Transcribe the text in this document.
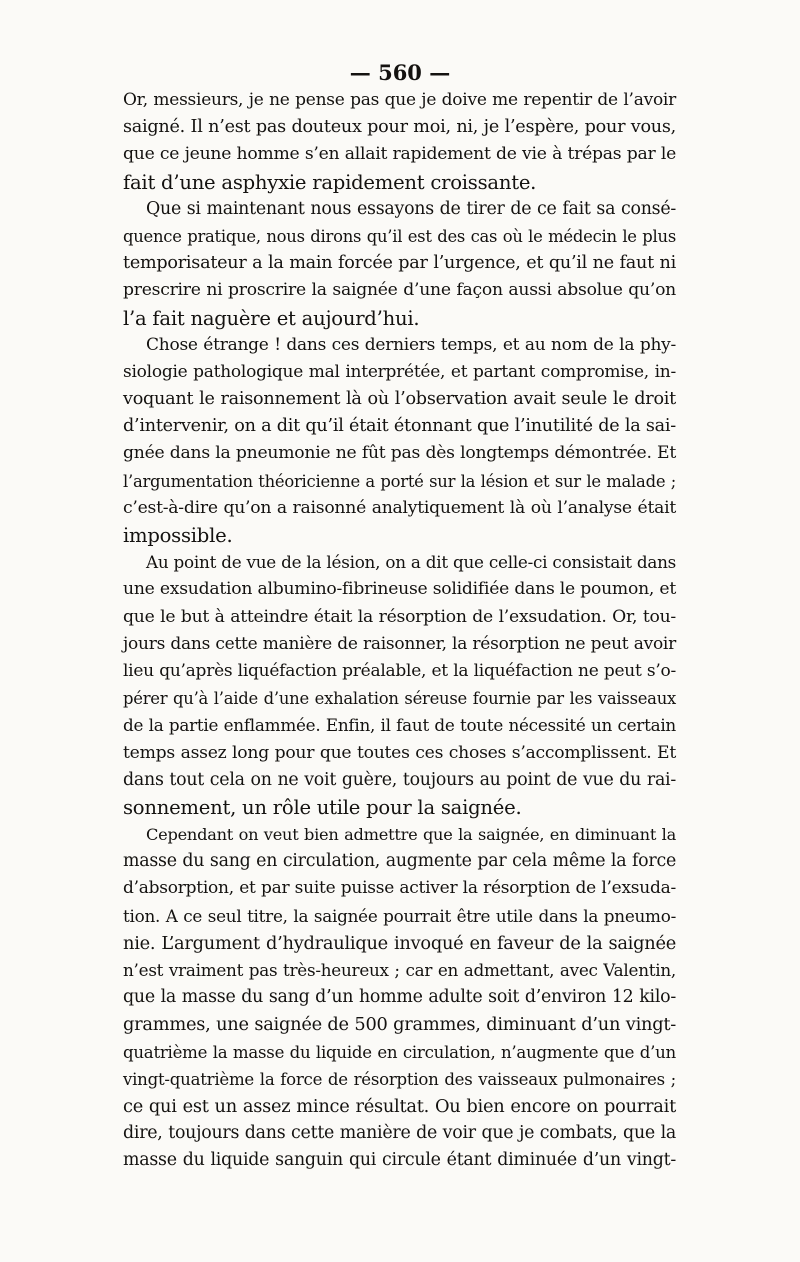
— 560 —
Or, messieurs, je ne pense pas que je doive me repentir de l’avoir
saigné. Il n’est pas douteux pour moi, ni, je l’espère, pour vous,
que ce jeune homme s’en allait rapidement de vie à trépas par le
fait d’une asphyxie rapidement croissante.
Que si maintenant nous essayons de tirer de ce fait sa consé-
quence pratique, nous dirons qu’il est des cas où le médecin le plus
temporisateur a la main forcée par l’urgence, et qu’il ne faut ni
prescrire ni proscrire la saignée d’une façon aussi absolue qu’on
l’a fait naguère et aujourd’hui.
Chose étrange ! dans ces derniers temps, et au nom de la phy-
siologie pathologique mal interprétée, et partant compromise, in-
voquant le raisonnement là où l’observation avait seule le droit
d’intervenir, on a dit qu’il était étonnant que l’inutilité de la sai-
gnée dans la pneumonie ne fût pas dès longtemps démontrée. Et
l’argumentation théoricienne a porté sur la lésion et sur le malade ;
c’est-à-dire qu’on a raisonné analytiquement là où l’analyse était
impossible.
Au point de vue de la lésion, on a dit que celle-ci consistait dans
une exsudation albumino-fibrineuse solidifiée dans le poumon, et
que le but à atteindre était la résorption de l’exsudation. Or, tou-
jours dans cette manière de raisonner, la résorption ne peut avoir
lieu qu’après liquéfaction préalable, et la liquéfaction ne peut s’o-
pérer qu’à l’aide d’une exhalation séreuse fournie par les vaisseaux
de la partie enflammée. Enfin, il faut de toute nécessité un certain
temps assez long pour que toutes ces choses s’accomplissent. Et
dans tout cela on ne voit guère, toujours au point de vue du rai-
sonnement, un rôle utile pour la saignée.
Cependant on veut bien admettre que la saignée, en diminuant la
masse du sang en circulation, augmente par cela même la force
d’absorption, et par suite puisse activer la résorption de l’exsuda-
tion. A ce seul titre, la saignée pourrait être utile dans la pneumo-
nie. L’argument d’hydraulique invoqué en faveur de la saignée
n’est vraiment pas très-heureux ; car en admettant, avec Valentin,
que la masse du sang d’un homme adulte soit d’environ 12 kilo-
grammes, une saignée de 500 grammes, diminuant d’un vingt-
quatrième la masse du liquide en circulation, n’augmente que d’un
vingt-quatrième la force de résorption des vaisseaux pulmonaires ;
ce qui est un assez mince résultat. Ou bien encore on pourrait
dire, toujours dans cette manière de voir que je combats, que la
masse du liquide sanguin qui circule étant diminuée d’un vingt-
